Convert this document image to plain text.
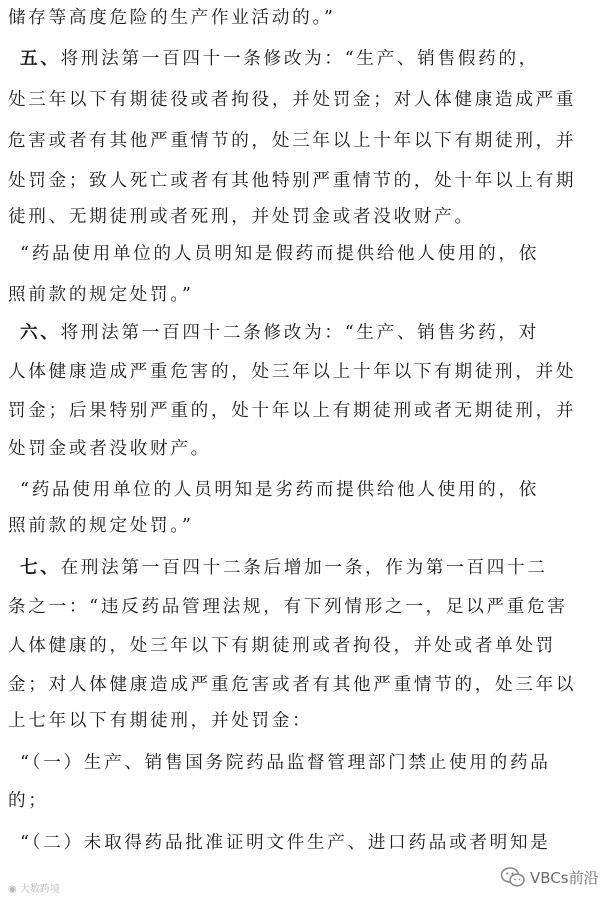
储存等高度危险的生产作业活动的。”
五、将刑法第一百四十一条修改为：“生产、销售假药的，
处三年以下有期徒役或者拘役，并处罚金；对人体健康造成严重
危害或者有其他严重情节的，处三年以上十年以下有期徒刑，并
处罚金；致人死亡或者有其他特别严重情节的，处十年以上有期
徒刑、无期徒刑或者死刑，并处罚金或者没收财产。
“药品使用单位的人员明知是假药而提供给他人使用的，依
照前款的规定处罚。”
六、将刑法第一百四十二条修改为：“生产、销售劣药，对
人体健康造成严重危害的，处三年以上十年以下有期徒刑，并处
罚金；后果特别严重的，处十年以上有期徒刑或者无期徒刑，并
处罚金或者没收财产。
“药品使用单位的人员明知是劣药而提供给他人使用的，依
照前款的规定处罚。”
七、在刑法第一百四十二条后增加一条，作为第一百四十二
条之一：“违反药品管理法规，有下列情形之一，足以严重危害
人体健康的，处三年以下有期徒刑或者拘役，并处或者单处罚
金；对人体健康造成严重危害或者有其他严重情节的，处三年以
上七年以下有期徒刑，并处罚金：
“（一）生产、销售国务院药品监督管理部门禁止使用的药品
的；
“（二）未取得药品批准证明文件生产、进口药品或者明知是
◉ 大数跨境
VBCs前沿
